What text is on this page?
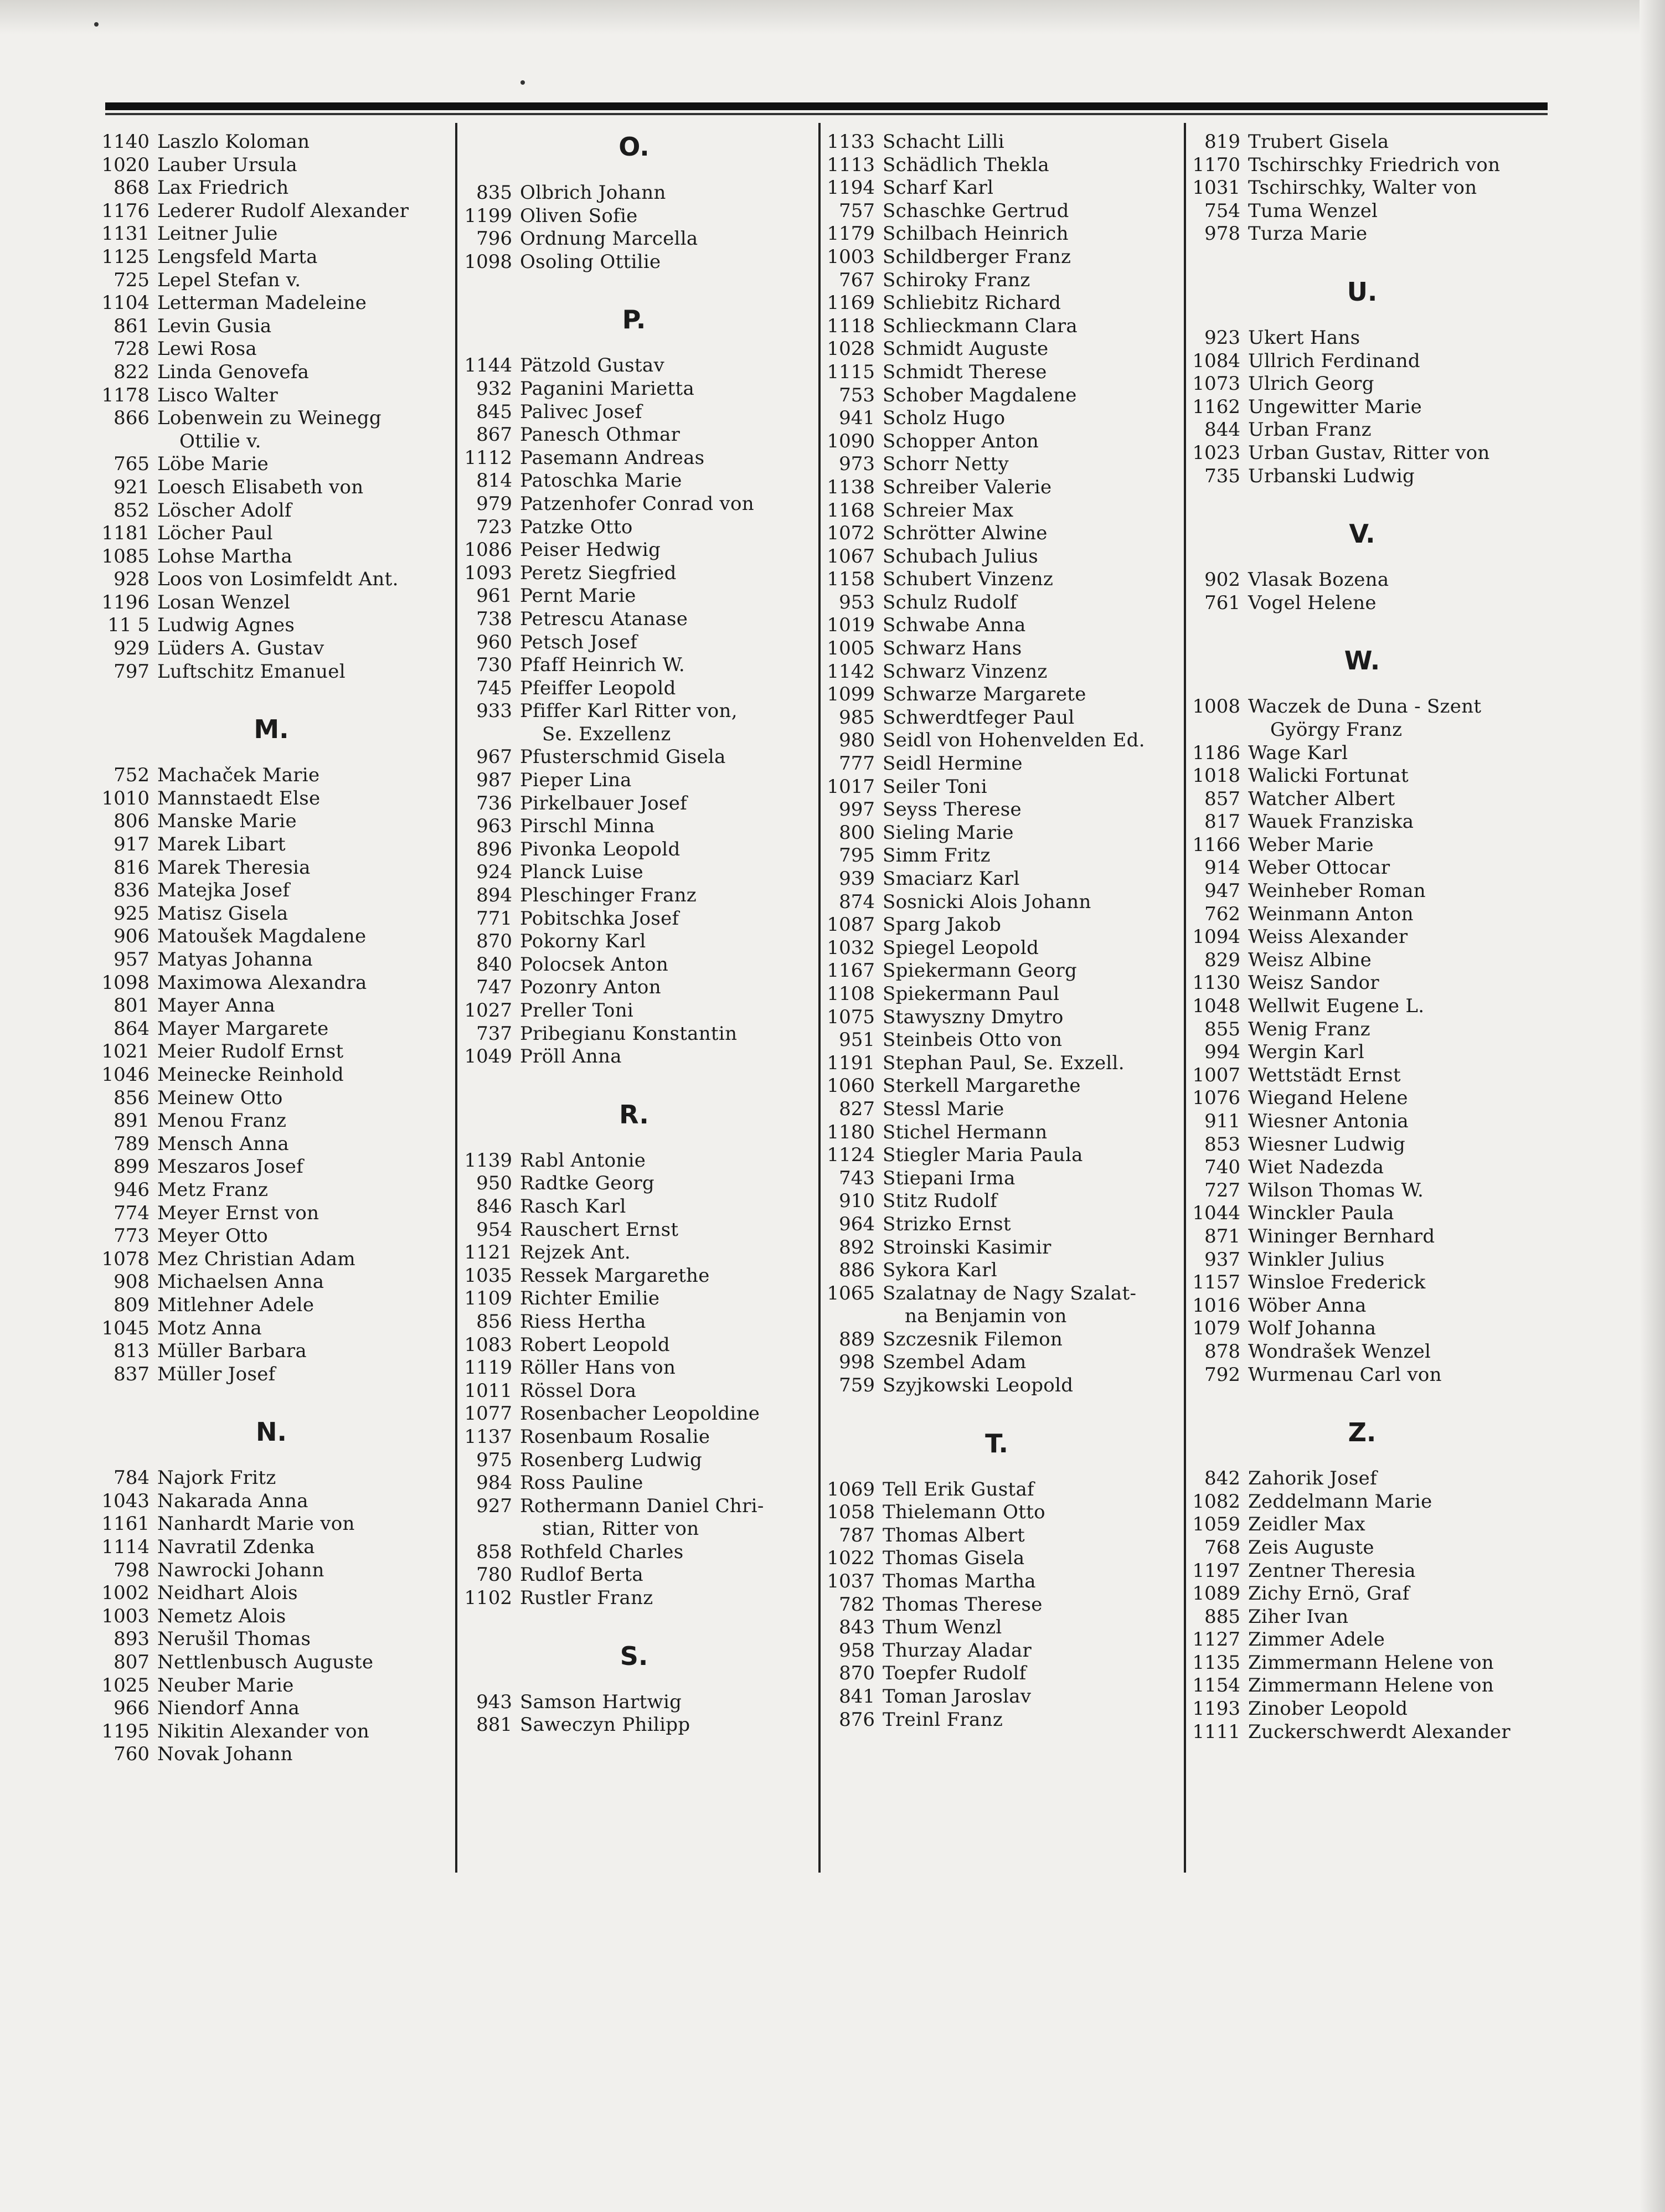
1140 Laszlo Koloman
1020 Lauber Ursula
868 Lax Friedrich
1176 Lederer Rudolf Alexander
1131 Leitner Julie
1125 Lengsfeld Marta
725 Lepel Stefan v.
1104 Letterman Madeleine
861 Levin Gusia
728 Lewi Rosa
822 Linda Genovefa
1178 Lisco Walter
866 Lobenwein zu Weinegg
Ottilie v.
765 Löbe Marie
921 Loesch Elisabeth von
852 Löscher Adolf
1181 Löcher Paul
1085 Lohse Martha
928 Loos von Losimfeldt Ant.
1196 Losan Wenzel
11 5 Ludwig Agnes
929 Lüders A. Gustav
797 Luftschitz Emanuel
M.
752 Machaček Marie
1010 Mannstaedt Else
806 Manske Marie
917 Marek Libart
816 Marek Theresia
836 Matejka Josef
925 Matisz Gisela
906 Matoušek Magdalene
957 Matyas Johanna
1098 Maximowa Alexandra
801 Mayer Anna
864 Mayer Margarete
1021 Meier Rudolf Ernst
1046 Meinecke Reinhold
856 Meinew Otto
891 Menou Franz
789 Mensch Anna
899 Meszaros Josef
946 Metz Franz
774 Meyer Ernst von
773 Meyer Otto
1078 Mez Christian Adam
908 Michaelsen Anna
809 Mitlehner Adele
1045 Motz Anna
813 Müller Barbara
837 Müller Josef
N.
784 Najork Fritz
1043 Nakarada Anna
1161 Nanhardt Marie von
1114 Navratil Zdenka
798 Nawrocki Johann
1002 Neidhart Alois
1003 Nemetz Alois
893 Nerušil Thomas
807 Nettlenbusch Auguste
1025 Neuber Marie
966 Niendorf Anna
1195 Nikitin Alexander von
760 Novak Johann
O.
835 Olbrich Johann
1199 Oliven Sofie
796 Ordnung Marcella
1098 Osoling Ottilie
P.
1144 Pätzold Gustav
932 Paganini Marietta
845 Palivec Josef
867 Panesch Othmar
1112 Pasemann Andreas
814 Patoschka Marie
979 Patzenhofer Conrad von
723 Patzke Otto
1086 Peiser Hedwig
1093 Peretz Siegfried
961 Pernt Marie
738 Petrescu Atanase
960 Petsch Josef
730 Pfaff Heinrich W.
745 Pfeiffer Leopold
933 Pfiffer Karl Ritter von,
Se. Exzellenz
967 Pfusterschmid Gisela
987 Pieper Lina
736 Pirkelbauer Josef
963 Pirschl Minna
896 Pivonka Leopold
924 Planck Luise
894 Pleschinger Franz
771 Pobitschka Josef
870 Pokorny Karl
840 Polocsek Anton
747 Pozonry Anton
1027 Preller Toni
737 Pribegianu Konstantin
1049 Pröll Anna
R.
1139 Rabl Antonie
950 Radtke Georg
846 Rasch Karl
954 Rauschert Ernst
1121 Rejzek Ant.
1035 Ressek Margarethe
1109 Richter Emilie
856 Riess Hertha
1083 Robert Leopold
1119 Röller Hans von
1011 Rössel Dora
1077 Rosenbacher Leopoldine
1137 Rosenbaum Rosalie
975 Rosenberg Ludwig
984 Ross Pauline
927 Rothermann Daniel Chri-
stian, Ritter von
858 Rothfeld Charles
780 Rudlof Berta
1102 Rustler Franz
S.
943 Samson Hartwig
881 Saweczyn Philipp
1133 Schacht Lilli
1113 Schädlich Thekla
1194 Scharf Karl
757 Schaschke Gertrud
1179 Schilbach Heinrich
1003 Schildberger Franz
767 Schiroky Franz
1169 Schliebitz Richard
1118 Schlieckmann Clara
1028 Schmidt Auguste
1115 Schmidt Therese
753 Schober Magdalene
941 Scholz Hugo
1090 Schopper Anton
973 Schorr Netty
1138 Schreiber Valerie
1168 Schreier Max
1072 Schrötter Alwine
1067 Schubach Julius
1158 Schubert Vinzenz
953 Schulz Rudolf
1019 Schwabe Anna
1005 Schwarz Hans
1142 Schwarz Vinzenz
1099 Schwarze Margarete
985 Schwerdtfeger Paul
980 Seidl von Hohenvelden Ed.
777 Seidl Hermine
1017 Seiler Toni
997 Seyss Therese
800 Sieling Marie
795 Simm Fritz
939 Smaciarz Karl
874 Sosnicki Alois Johann
1087 Sparg Jakob
1032 Spiegel Leopold
1167 Spiekermann Georg
1108 Spiekermann Paul
1075 Stawyszny Dmytro
951 Steinbeis Otto von
1191 Stephan Paul, Se. Exzell.
1060 Sterkell Margarethe
827 Stessl Marie
1180 Stichel Hermann
1124 Stiegler Maria Paula
743 Stiepani Irma
910 Stitz Rudolf
964 Strizko Ernst
892 Stroinski Kasimir
886 Sykora Karl
1065 Szalatnay de Nagy Szalat-
na Benjamin von
889 Szczesnik Filemon
998 Szembel Adam
759 Szyjkowski Leopold
T.
1069 Tell Erik Gustaf
1058 Thielemann Otto
787 Thomas Albert
1022 Thomas Gisela
1037 Thomas Martha
782 Thomas Therese
843 Thum Wenzl
958 Thurzay Aladar
870 Toepfer Rudolf
841 Toman Jaroslav
876 Treinl Franz
819 Trubert Gisela
1170 Tschirschky Friedrich von
1031 Tschirschky, Walter von
754 Tuma Wenzel
978 Turza Marie
U.
923 Ukert Hans
1084 Ullrich Ferdinand
1073 Ulrich Georg
1162 Ungewitter Marie
844 Urban Franz
1023 Urban Gustav, Ritter von
735 Urbanski Ludwig
V.
902 Vlasak Bozena
761 Vogel Helene
W.
1008 Waczek de Duna - Szent
György Franz
1186 Wage Karl
1018 Walicki Fortunat
857 Watcher Albert
817 Wauek Franziska
1166 Weber Marie
914 Weber Ottocar
947 Weinheber Roman
762 Weinmann Anton
1094 Weiss Alexander
829 Weisz Albine
1130 Weisz Sandor
1048 Wellwit Eugene L.
855 Wenig Franz
994 Wergin Karl
1007 Wettstädt Ernst
1076 Wiegand Helene
911 Wiesner Antonia
853 Wiesner Ludwig
740 Wiet Nadezda
727 Wilson Thomas W.
1044 Winckler Paula
871 Wininger Bernhard
937 Winkler Julius
1157 Winsloe Frederick
1016 Wöber Anna
1079 Wolf Johanna
878 Wondrašek Wenzel
792 Wurmenau Carl von
Z.
842 Zahorik Josef
1082 Zeddelmann Marie
1059 Zeidler Max
768 Zeis Auguste
1197 Zentner Theresia
1089 Zichy Ernö, Graf
885 Ziher Ivan
1127 Zimmer Adele
1135 Zimmermann Helene von
1154 Zimmermann Helene von
1193 Zinober Leopold
1111 Zuckerschwerdt Alexander
